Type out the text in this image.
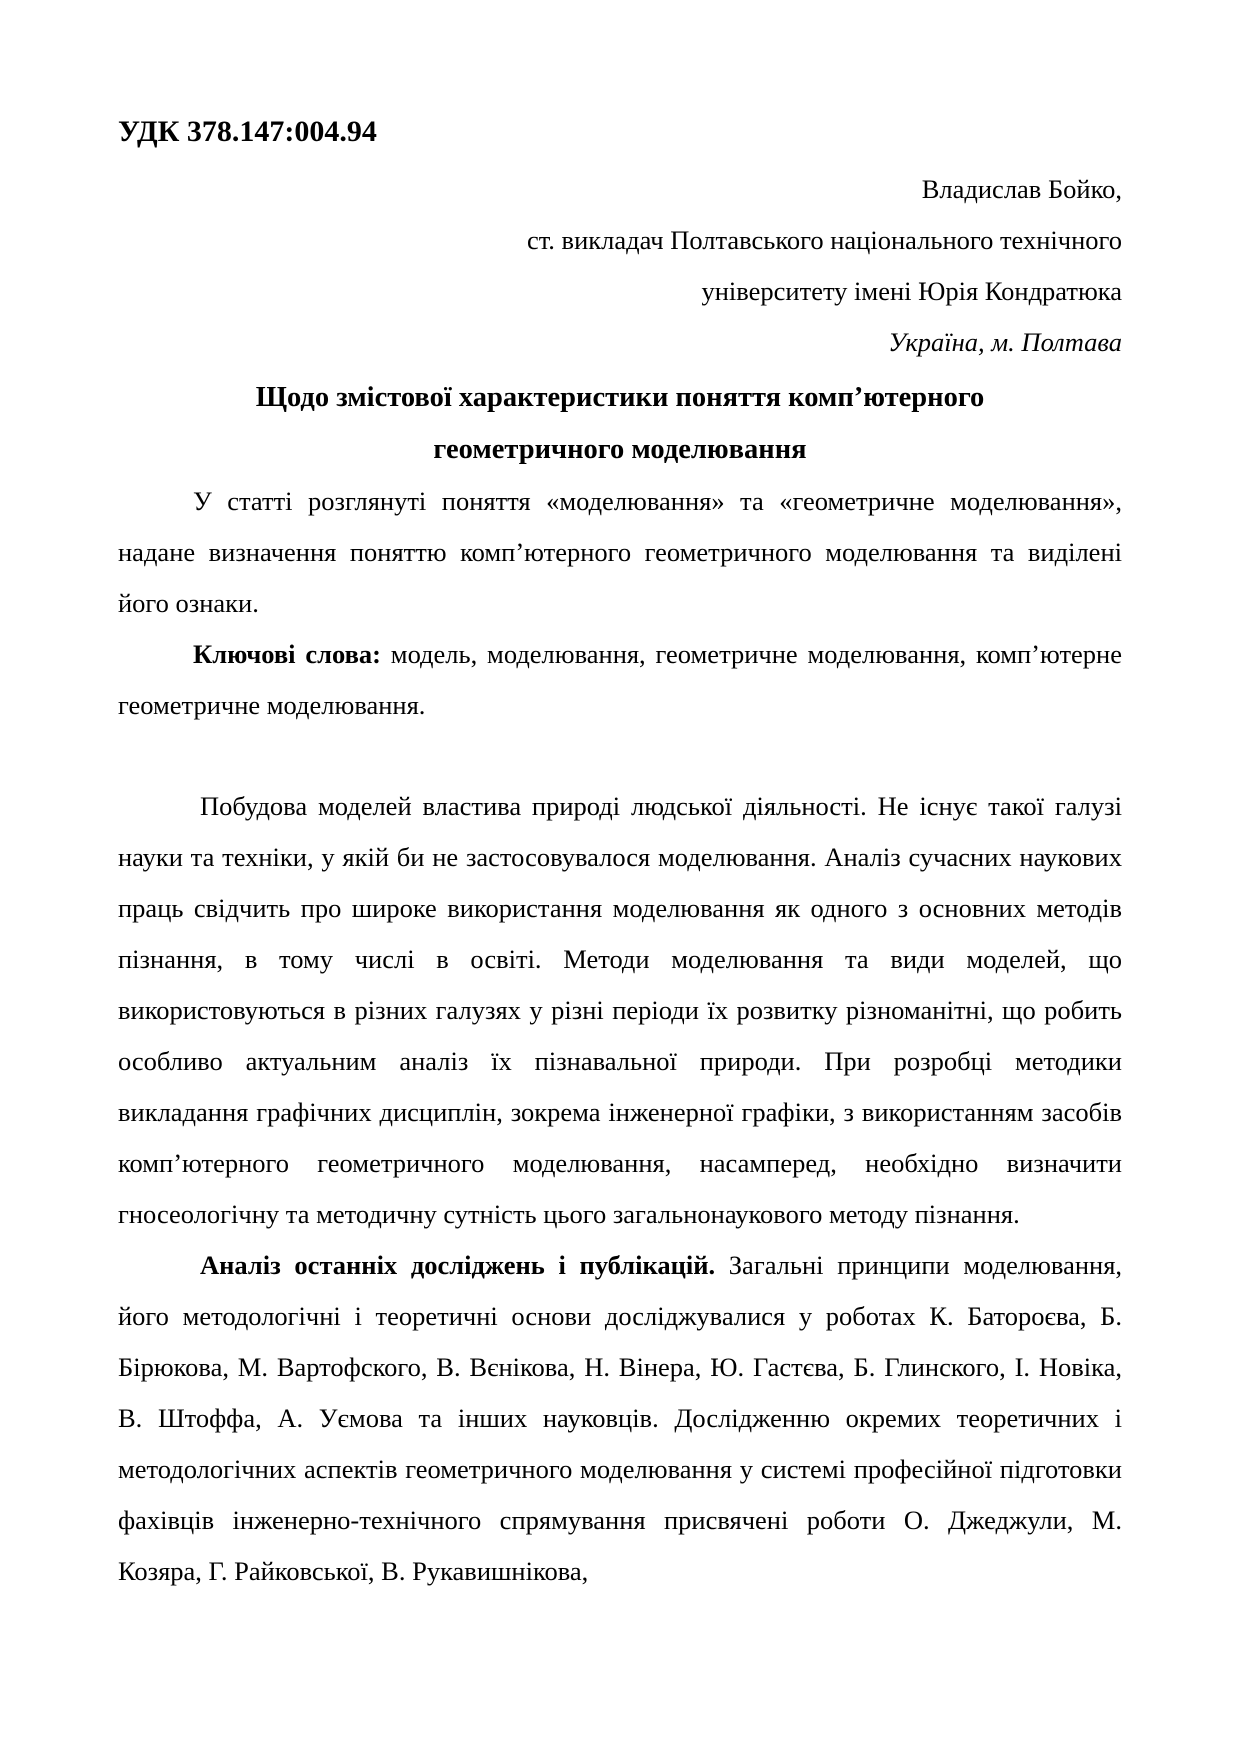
УДК 378.147:004.94

Владислав Бойко,

ст. викладач Полтавського національного технічного

університету імені Юрія Кондратюка

Україна, м. Полтава

Щодо змістової характеристики поняття комп’ютерного

геометричного моделювання

У статті розглянуті поняття «моделювання» та «геометричне моделювання», надане визначення поняттю комп’ютерного геометричного моделювання та виділені його ознаки.

Ключові слова: модель, моделювання, геометричне моделювання, комп’ютерне геометричне моделювання.

Побудова моделей властива природі людської діяльності. Не існує такої галузі науки та техніки, у якій би не застосовувалося моделювання. Аналіз сучасних наукових праць свідчить про широке використання моделювання як одного з основних методів пізнання, в тому числі в освіті. Методи моделювання та види моделей, що використовуються в різних галузях у різні періоди їх розвитку різноманітні, що робить особливо актуальним аналіз їх пізнавальної природи. При розробці методики викладання графічних дисциплін, зокрема інженерної графіки, з використанням засобів комп’ютерного геометричного моделювання, насамперед, необхідно визначити гносеологічну та методичну сутність цього загальнонаукового методу пізнання.

Аналіз останніх досліджень і публікацій. Загальні принципи моделювання, його методологічні і теоретичні основи досліджувалися у роботах К. Батороєва, Б. Бірюкова, М. Вартофского, В. Вєнікова, Н. Вінера, Ю. Гастєва, Б. Глинского, І. Новіка, В. Штоффа, А. Уємова та інших науковців. Дослідженню окремих теоретичних і методологічних аспектів геометричного моделювання у системі професійної підготовки фахівців інженерно-технічного спрямування присвячені роботи О. Джеджули, М. Козяра, Г. Райковської, В. Рукавишнікова,
